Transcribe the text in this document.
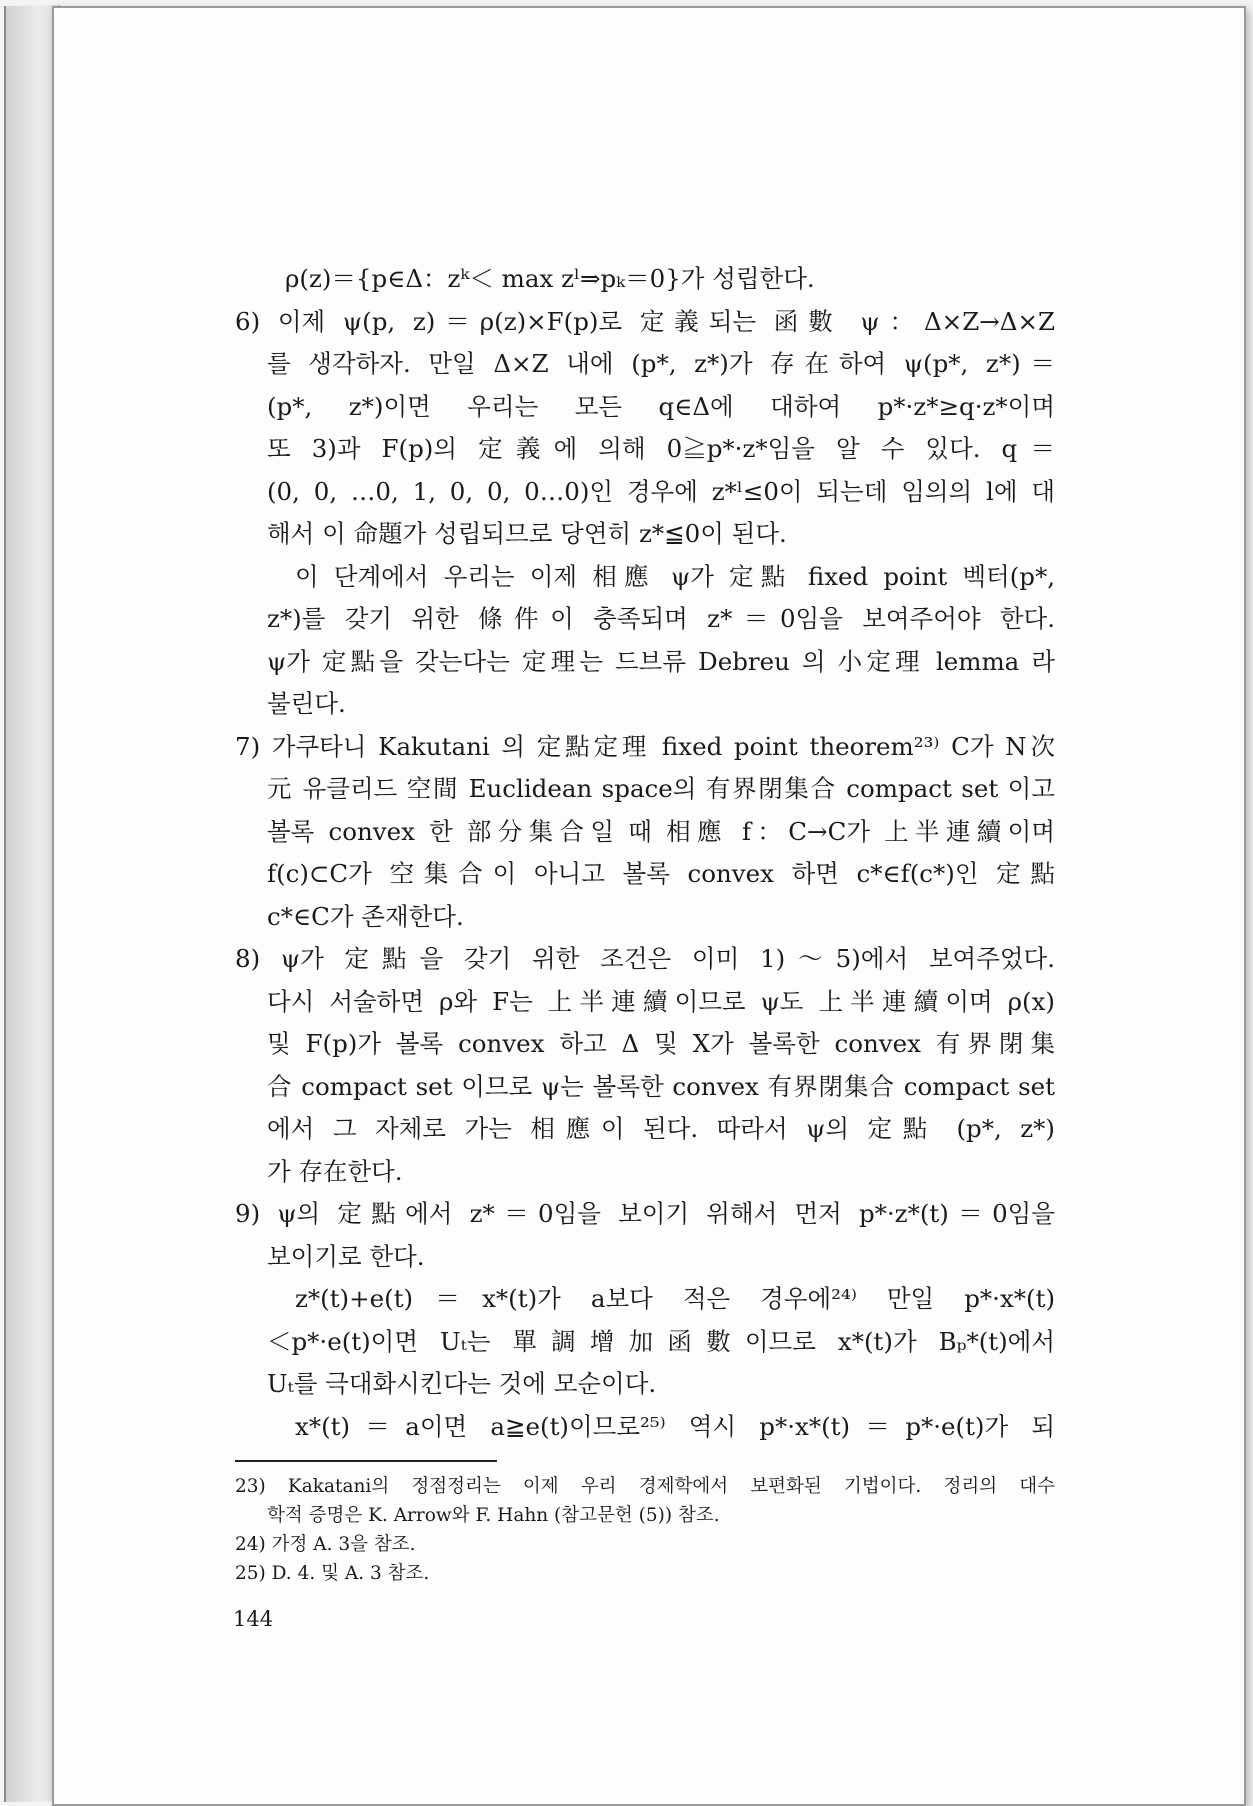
ρ(z)＝{p∈Δ：zᵏ＜ max zˡ⇒pₖ＝0}가 성립한다.
6) 이제 ψ(p, z)＝ρ(z)×F(p)로 定義되는 函數 ψ：Δ×Z→Δ×Z
를 생각하자. 만일 Δ×Z 내에 (p*, z*)가 存在하여 ψ(p*, z*)＝
(p*, z*)이면 우리는 모든 q∈Δ에 대하여 p*·z*≥q·z*이며
또 3)과 F(p)의 定義에 의해 0≧p*·z*임을 알 수 있다. q＝
(0, 0, …0, 1, 0, 0, 0…0)인 경우에 z*ˡ≤0이 되는데 임의의 l에 대
해서 이 命題가 성립되므로 당연히 z*≦0이 된다.
이 단계에서 우리는 이제 相應 ψ가 定點 fixed point 벡터(p*,
z*)를 갖기 위한 條件이 충족되며 z*＝0임을 보여주어야 한다.
ψ가 定點을 갖는다는 定理는 드브류 Debreu 의 小定理 lemma 라
불린다.
7) 가쿠타니 Kakutani 의 定點定理 fixed point theorem²³⁾ C가 N次
元 유클리드 空間 Euclidean space의 有界閉集合 compact set 이고
볼록 convex 한 部分集合일 때 相應 f：C→C가 上半連續이며
f(c)⊂C가 空集合이 아니고 볼록 convex 하면 c*∈f(c*)인 定點
c*∈C가 존재한다.
8) ψ가 定點을 갖기 위한 조건은 이미 1)～5)에서 보여주었다.
다시 서술하면 ρ와 F는 上半連續이므로 ψ도 上半連續이며 ρ(x)
및 F(p)가 볼록 convex 하고 Δ 및 X가 볼록한 convex 有界閉集
合 compact set 이므로 ψ는 볼록한 convex 有界閉集合 compact set
에서 그 자체로 가는 相應이 된다. 따라서 ψ의 定點 (p*, z*)
가 存在한다.
9) ψ의 定點에서 z*＝0임을 보이기 위해서 먼저 p*·z*(t)＝0임을
보이기로 한다.
z*(t)+e(t)＝x*(t)가 a보다 적은 경우에²⁴⁾ 만일 p*·x*(t)
＜p*·e(t)이면 Uₜ는 單調增加函數이므로 x*(t)가 Bₚ*(t)에서
Uₜ를 극대화시킨다는 것에 모순이다.
x*(t)＝a이면 a≧e(t)이므로²⁵⁾ 역시 p*·x*(t)＝p*·e(t)가 되
23) Kakatani의 정점정리는 이제 우리 경제학에서 보편화된 기법이다. 정리의 대수
학적 증명은 K. Arrow와 F. Hahn (참고문헌 (5)) 참조.
24) 가정 A. 3을 참조.
25) D. 4. 및 A. 3 참조.
144
